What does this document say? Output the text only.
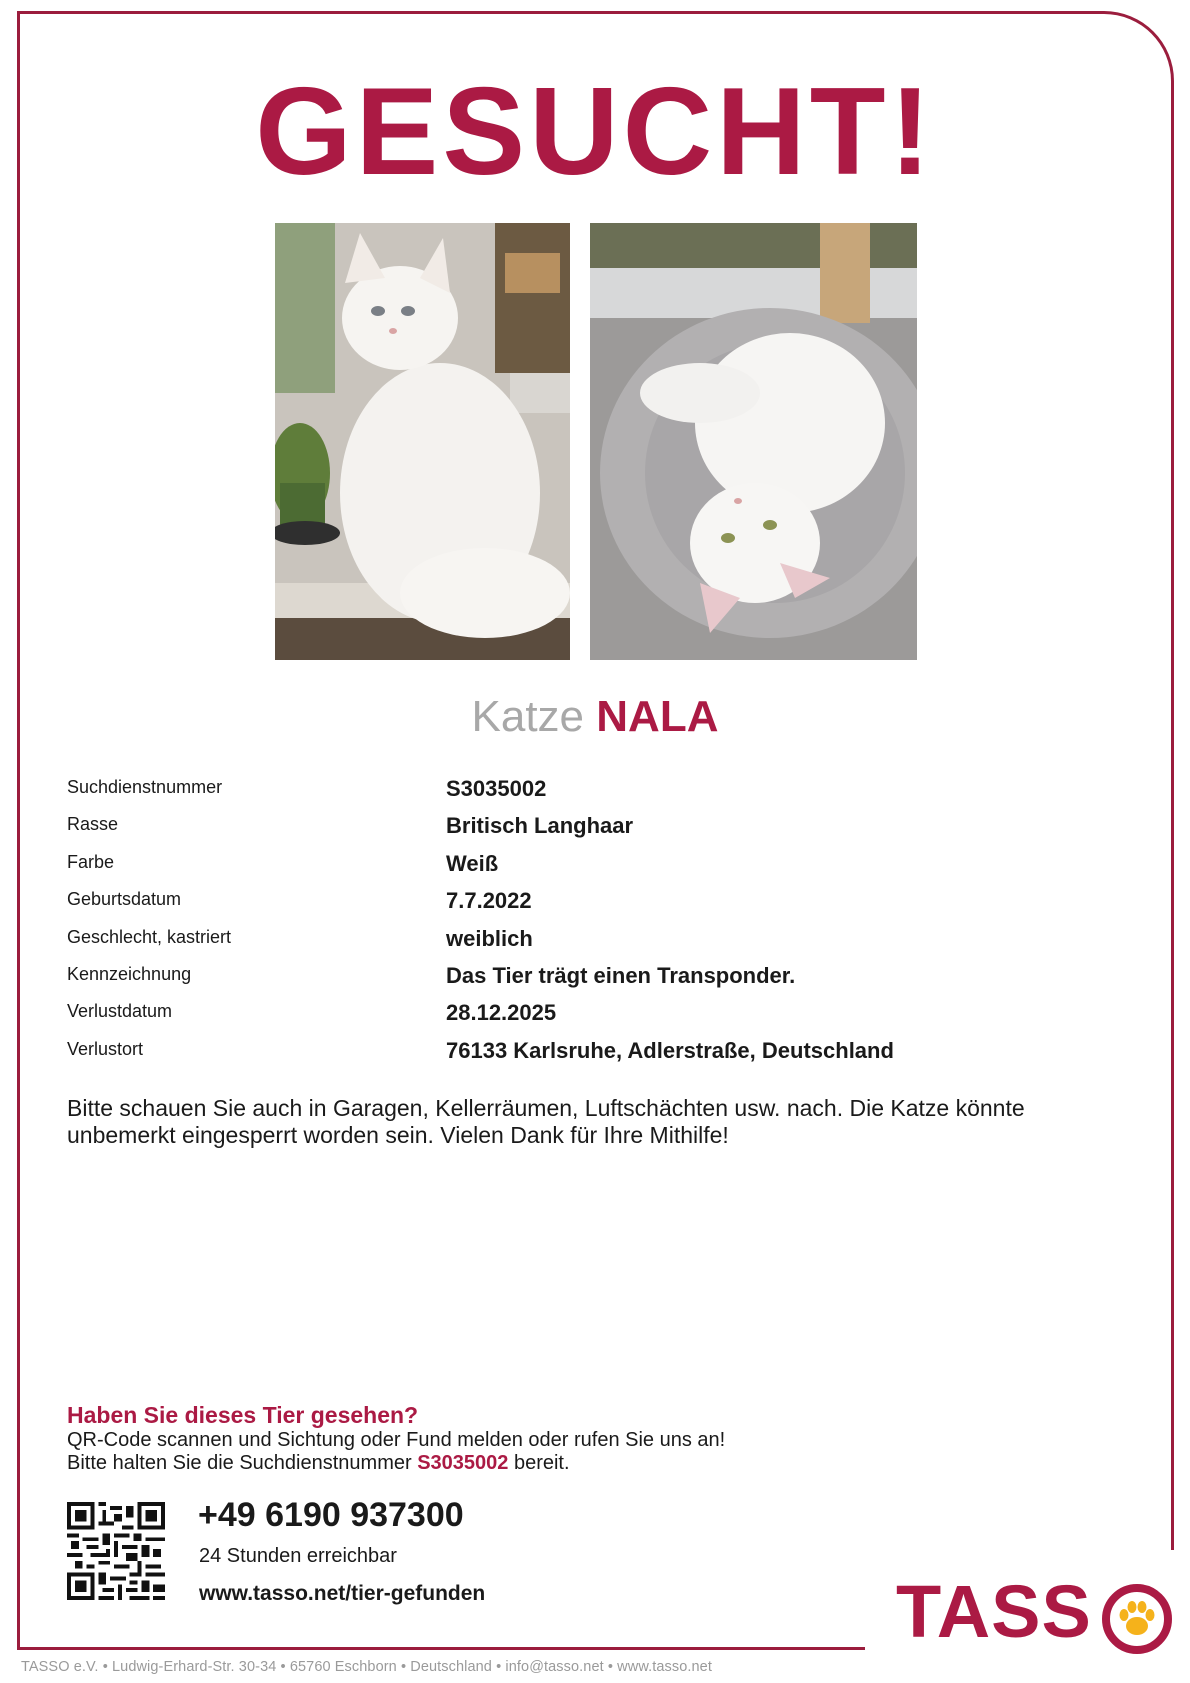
GESUCHT!
Katze NALA
Suchdienstnummer	S3035002
Rasse	Britisch Langhaar
Farbe	Weiß
Geburtsdatum	7.7.2022
Geschlecht, kastriert	weiblich
Kennzeichnung	Das Tier trägt einen Transponder.
Verlustdatum	28.12.2025
Verlustort	76133 Karlsruhe, Adlerstraße, Deutschland
Bitte schauen Sie auch in Garagen, Kellerräumen, Luftschächten usw. nach. Die Katze könnte unbemerkt eingesperrt worden sein. Vielen Dank für Ihre Mithilfe!
Haben Sie dieses Tier gesehen?
QR-Code scannen und Sichtung oder Fund melden oder rufen Sie uns an!
Bitte halten Sie die Suchdienstnummer S3035002 bereit.
+49 6190 937300
24 Stunden erreichbar
www.tasso.net/tier-gefunden	TASS
TASSO e.V. • Ludwig-Erhard-Str. 30-34 • 65760 Eschborn • Deutschland • info@tasso.net • www.tasso.net
